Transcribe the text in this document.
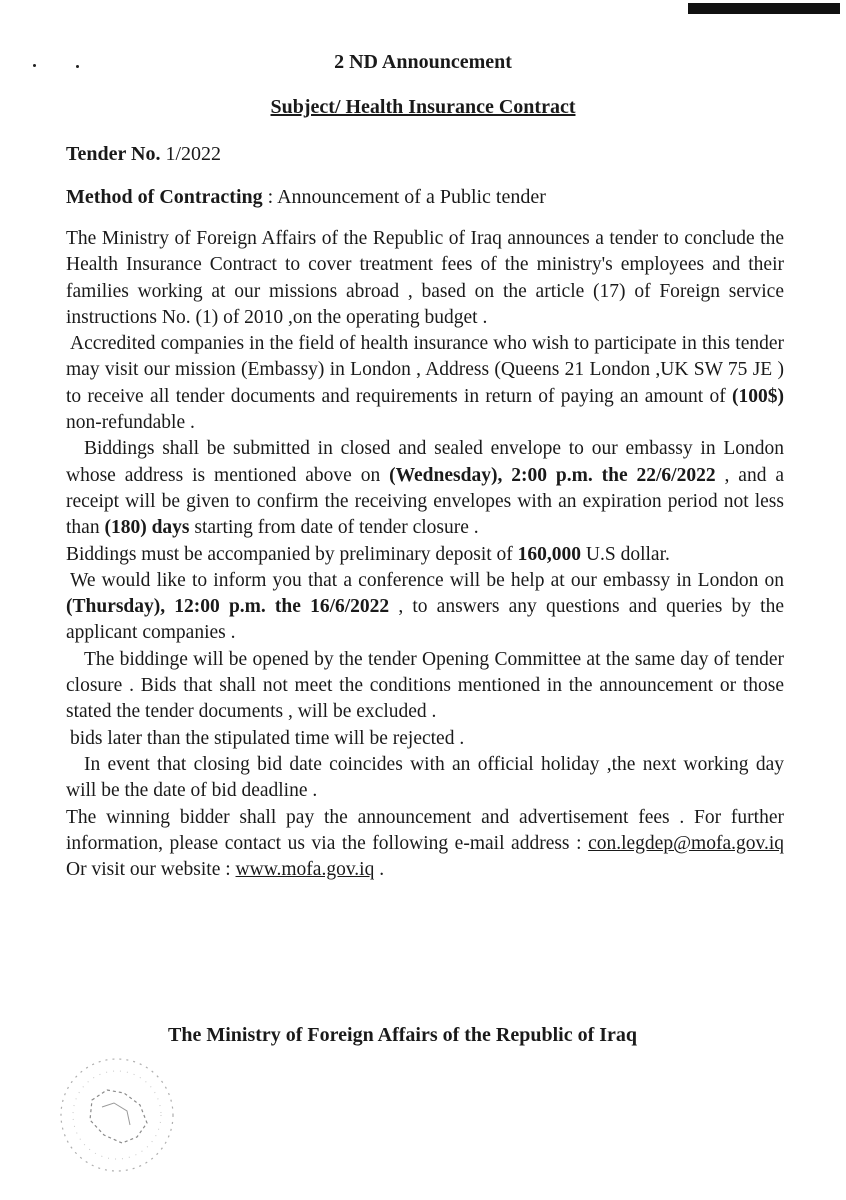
2 ND Announcement
Subject/ Health Insurance Contract
Tender No. 1/2022
Method of Contracting : Announcement of a Public tender

The Ministry of Foreign Affairs of the Republic of Iraq announces a tender to conclude the Health Insurance Contract to cover treatment fees of the ministry's employees and their families working at our missions abroad , based on the article (17) of Foreign service instructions No. (1) of 2010 ,on the operating budget .

Accredited companies in the field of health insurance who wish to participate in this tender may visit our mission (Embassy) in London , Address (Queens 21 London ,UK SW 75 JE ) to receive all tender documents and requirements in return of paying an amount of (100$) non-refundable .

Biddings shall be submitted in closed and sealed envelope to our embassy in London whose address is mentioned above on (Wednesday), 2:00 p.m. the 22/6/2022 , and a receipt will be given to confirm the receiving envelopes with an expiration period not less than (180) days starting from date of tender closure .

Biddings must be accompanied by preliminary deposit of 160,000 U.S dollar.

We would like to inform you that a conference will be help at our embassy in London on (Thursday), 12:00 p.m. the 16/6/2022 , to answers any questions and queries by the applicant companies .

The biddinge will be opened by the tender Opening Committee at the same day of tender closure . Bids that shall not meet the conditions mentioned in the announcement or those stated the tender documents , will be excluded .

bids later than the stipulated time will be rejected .

In event that closing bid date coincides with an official holiday ,the next working day will be the date of bid deadline .

The winning bidder shall pay the announcement and advertisement fees . For further information, please contact us via the following e-mail address : con.legdep@mofa.gov.iq Or visit our website : www.mofa.gov.iq .

The Ministry of Foreign Affairs of the Republic of Iraq
